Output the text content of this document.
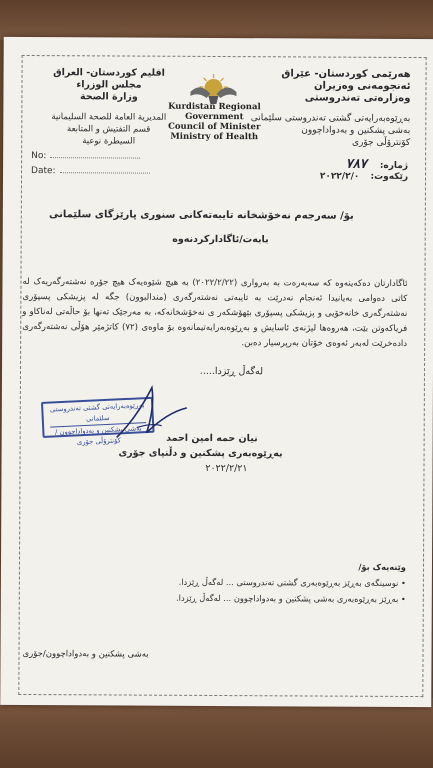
هەرێمی کوردستان- عێراق
ئەنجومەنی وەزیران
وەزارەتی تەندروستی
بەڕێوەبەرایەتی گشتی تەندروستی سلێمانی
بەشی پشکنین و بەدواداچوون
کۆنترۆڵی جۆری
اقليم كوردستان- العراق
مجلس الوزراء
وزارة الصحة
المديرية العامة للصحة السليمانية
قسم التفتيش و المتابعة
السيطرة نوعية
Kurdistan Regional Government
Council of Minister
Ministry of Health
No:
Date:
ژمارە: ٧٨٧
رێکەوت: ٢٠٢٢/٢/٠
بۆ/ سەرجەم نەخۆشخانە تایبەتەکانی سنوری پارێزگای سلێمانی
بابەت/ئاگادارکردنەوە
ئاگادارتان دەکەینەوە کە سەبەرەت بە بەرواری (٢٠٢٢/٢/٢٢) بە هیچ شێوەیەک هیچ جۆرە نەشتەرگەریەک لە کاتی دەوامی بەیانیدا ئەنجام نەدرێت بە تایبەتی نەشتەرگەری (مندالبوون) جگە لە پزیشکی پسپۆری نەشتەرگەری خانەخۆیی و پزیشکی پسپۆری بێهۆشکەر ی نەخۆشخانەکە، بە مەرجێک تەنها بۆ حاڵەتی لەناکاو و فریاکەوتن بێت، هەروەها لیژنەی ئاسایش و بەڕێوەبەرایەتیمانەوە بۆ ماوەی (٧٢) کاتژمێر هۆڵی نەشتەرگەری دادەخرێت لەبەر ئەوەی خۆتان بەرپرسیار دەبن.
لەگەڵ ڕێزدا.....
بەڕێوەبەرایەتی گشتی تەندروستی سلێمانی
بەشی پشکنین و بەدواداچوون / کۆنترۆڵی جۆری	نیان حمە امین احمد
بەڕێوەبەری پشکنین و دڵنیای جۆری
٢٠٢٢/٢/٢١
وێنەیەک بۆ/
• نوسینگەی بەڕێز بەڕێوەبەری گشتی تەندروستی ... لەگەڵ ڕێزدا.
• بەڕێز بەڕێوەبەری بەشی پشکنین و بەدواداچوون ... لەگەڵ ڕێزدا.
بەشی پشکنین و بەدواداچوون/جۆری
